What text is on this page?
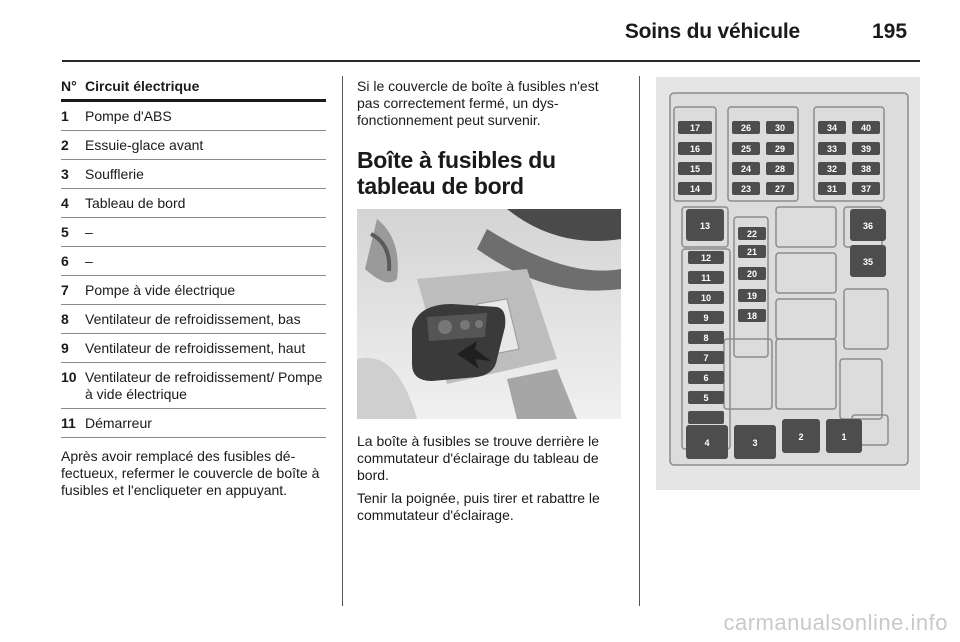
Soins du véhicule	195
N° Circuit électrique
1	Pompe d'ABS
2	Essuie-glace avant
3	Soufflerie
4	Tableau de bord
5	–
6	–
7	Pompe à vide électrique
8	Ventilateur de refroidissement, bas
9	Ventilateur de refroidissement, haut
10 Ventilateur de refroidissement/ Pompe à vide électrique
11 Démarreur

Après avoir remplacé des fusibles défectueux, refermer le couvercle de boîte à fusibles et l'encliqueter en appuyant.

Si le couvercle de boîte à fusibles n'est pas correctement fermé, un dysfonctionnement peut survenir.

Boîte à fusibles du tableau de bord

La boîte à fusibles se trouve derrière le commutateur d'éclairage du tableau de bord.

Tenir la poignée, puis tirer et rabattre le commutateur d'éclairage.

17
16
15
14
26
25
24
23
30
29
28
27
34
33
32
31
40
39
38
37
13
12
11
10
9
8
7
6
5
22
21
20
19
18
36
35
4	3
2	1
carmanualsonline.info
